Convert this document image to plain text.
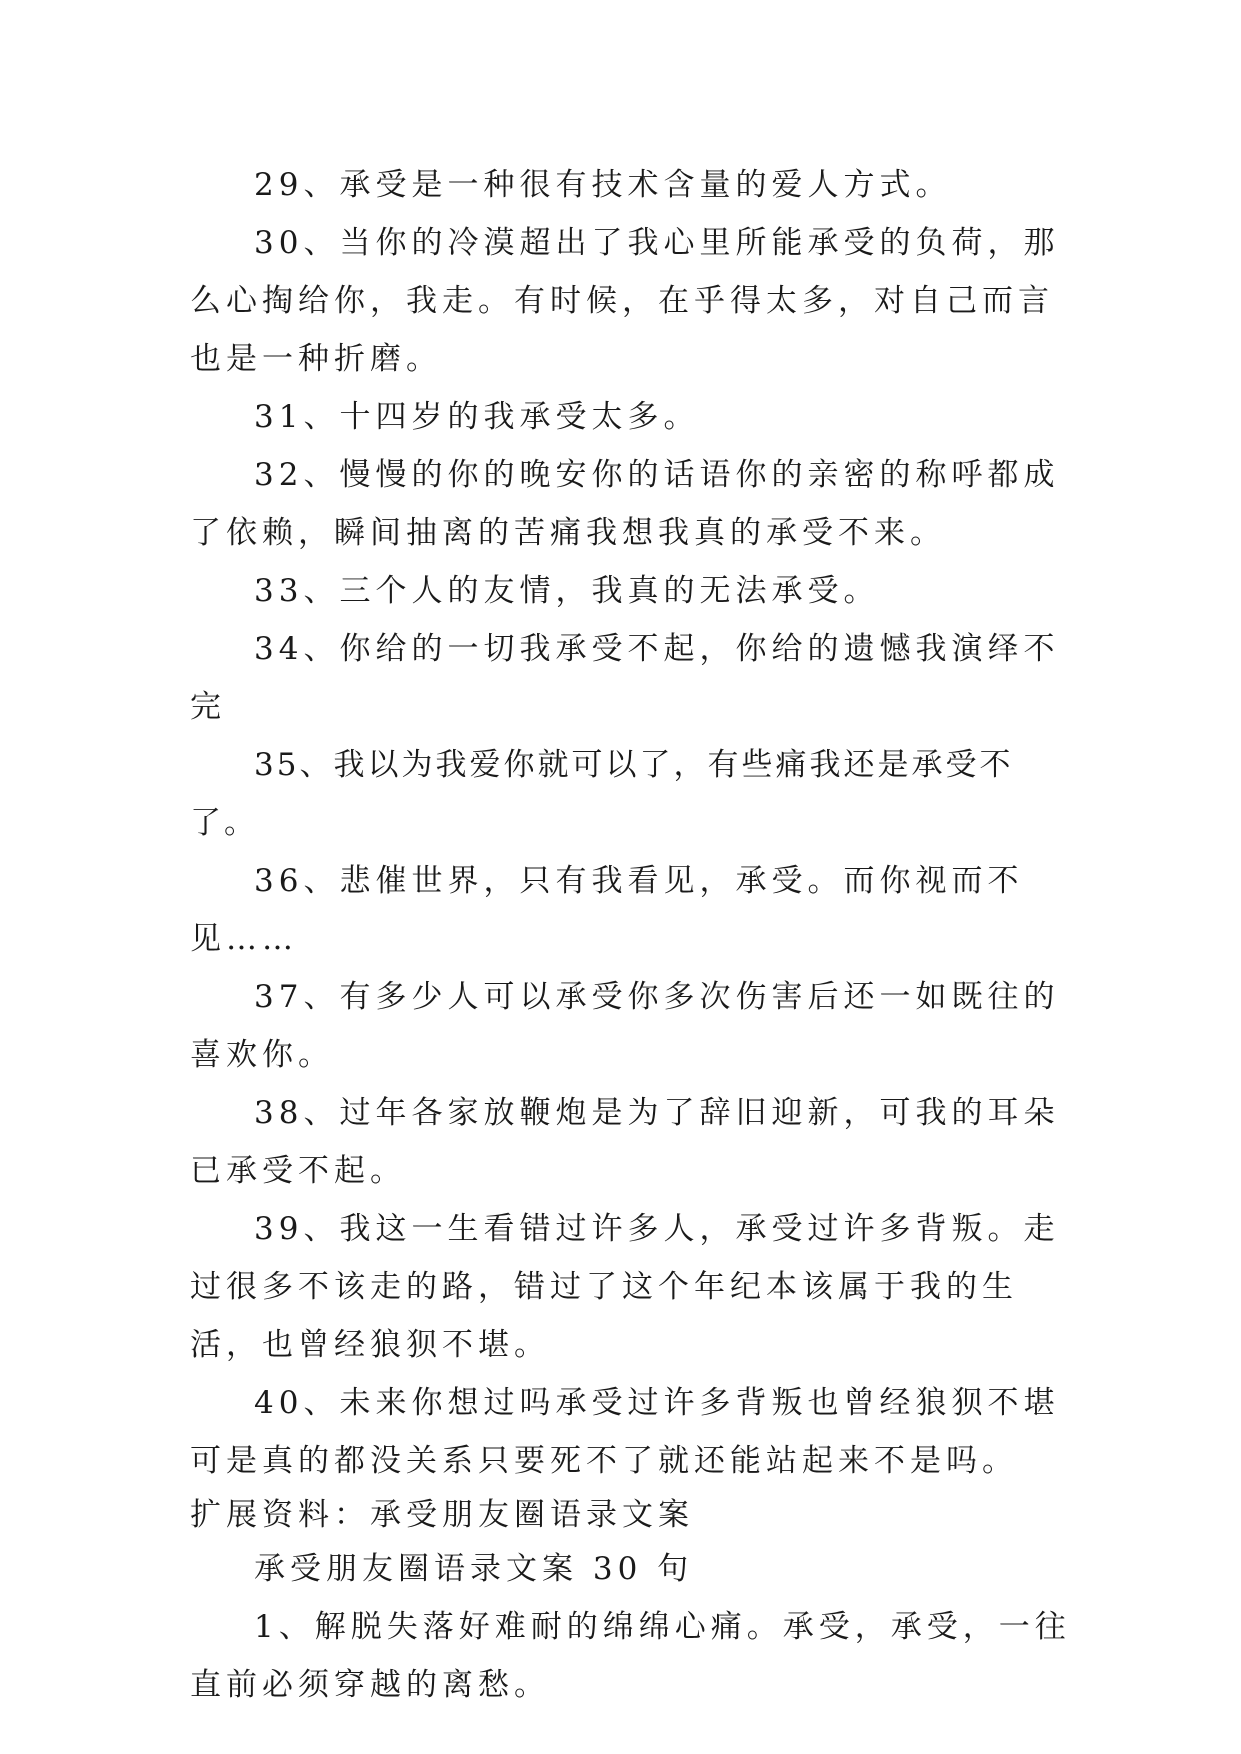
29、承受是一种很有技术含量的爱人方式。

30、当你的冷漠超出了我心里所能承受的负荷，那么心掏给你，我走。有时候，在乎得太多，对自己而言也是一种折磨。

31、十四岁的我承受太多。

32、慢慢的你的晚安你的话语你的亲密的称呼都成了依赖，瞬间抽离的苦痛我想我真的承受不来。

33、三个人的友情，我真的无法承受。

34、你给的一切我承受不起，你给的遗憾我演绎不完

35、我以为我爱你就可以了，有些痛我还是承受不了。

36、悲催世界，只有我看见，承受。而你视而不见……

37、有多少人可以承受你多次伤害后还一如既往的喜欢你。

38、过年各家放鞭炮是为了辞旧迎新，可我的耳朵已承受不起。

39、我这一生看错过许多人，承受过许多背叛。走过很多不该走的路，错过了这个年纪本该属于我的生活，也曾经狼狈不堪。

40、未来你想过吗承受过许多背叛也曾经狼狈不堪可是真的都没关系只要死不了就还能站起来不是吗。

扩展资料：承受朋友圈语录文案

承受朋友圈语录文案 30 句

1、解脱失落好难耐的绵绵心痛。承受，承受，一往直前必须穿越的离愁。
